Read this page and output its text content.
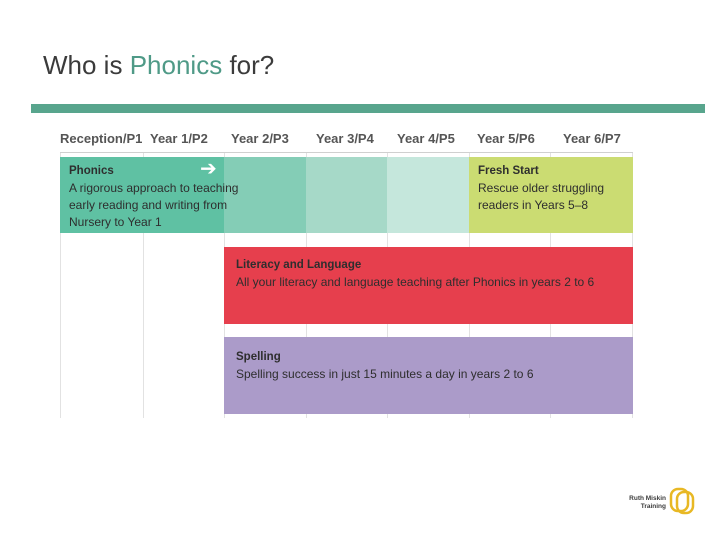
Who is Phonics for?
Reception/P1 Year 1/P2 Year 2/P3 Year 3/P4 Year 4/P5 Year 5/P6 Year 6/P7
Phonics
A rigorous approach to teaching
early reading and writing from
Nursery to Year 1
➔	Fresh Start
Rescue older struggling
readers in Years 5–8
Literacy and Language
All your literacy and language teaching after Phonics in years 2 to 6
Spelling
Spelling success in just 15 minutes a day in years 2 to 6
Ruth Miskin
Training
